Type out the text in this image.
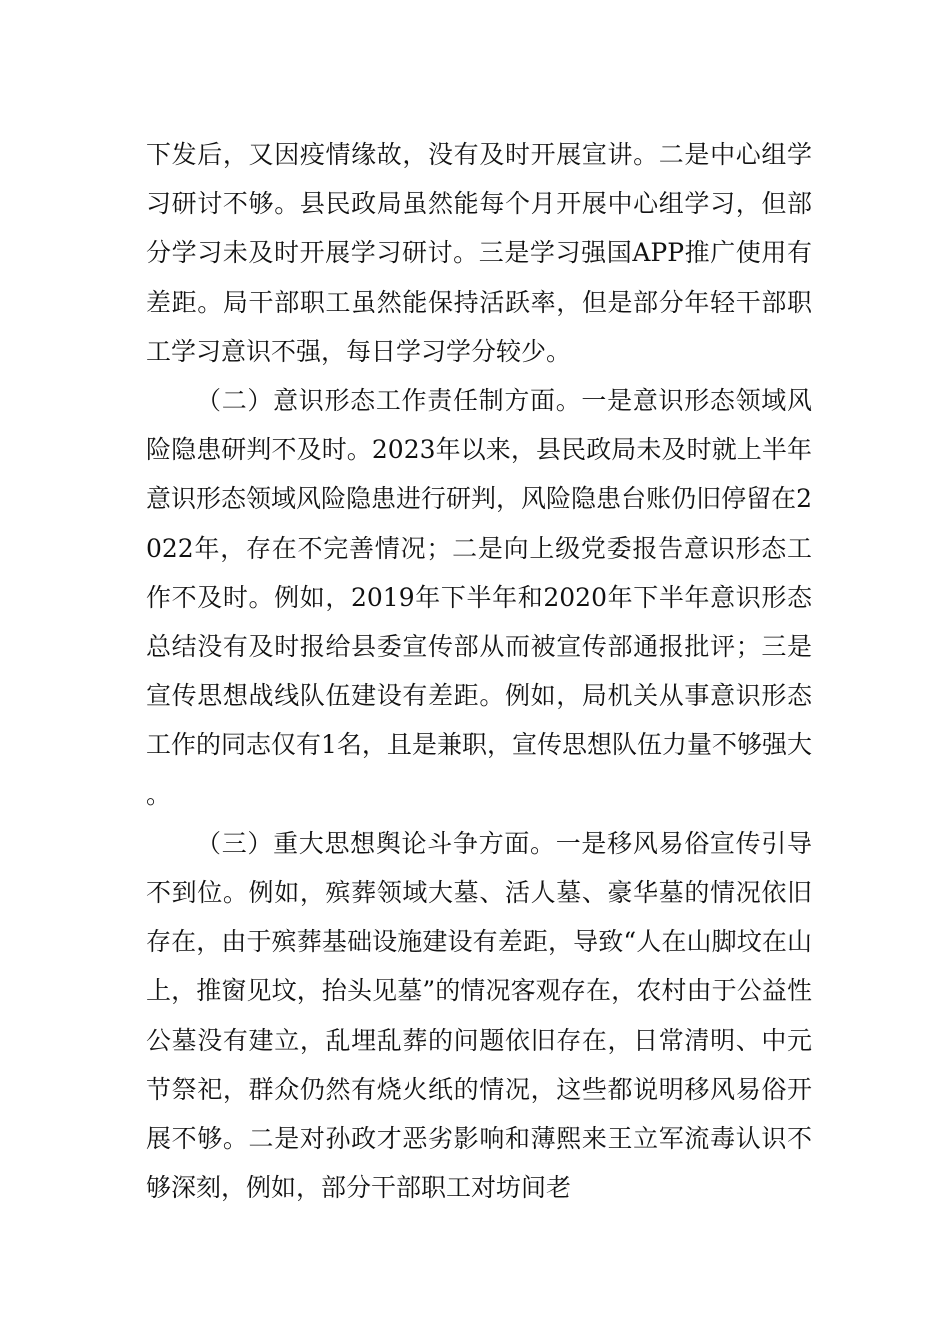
下发后，又因疫情缘故，没有及时开展宣讲。二是中心组学习研讨不够。县民政局虽然能每个月开展中心组学习，但部分学习未及时开展学习研讨。三是学习强国APP推广使用有差距。局干部职工虽然能保持活跃率，但是部分年轻干部职工学习意识不强，每日学习学分较少。

（二）意识形态工作责任制方面。一是意识形态领域风险隐患研判不及时。2023年以来，县民政局未及时就上半年意识形态领域风险隐患进行研判，风险隐患台账仍旧停留在2022年，存在不完善情况；二是向上级党委报告意识形态工作不及时。例如，2019年下半年和2020年下半年意识形态总结没有及时报给县委宣传部从而被宣传部通报批评；三是宣传思想战线队伍建设有差距。例如，局机关从事意识形态工作的同志仅有1名，且是兼职，宣传思想队伍力量不够强大。

（三）重大思想舆论斗争方面。一是移风易俗宣传引导不到位。例如，殡葬领域大墓、活人墓、豪华墓的情况依旧存在，由于殡葬基础设施建设有差距，导致“人在山脚坟在山上，推窗见坟，抬头见墓”的情况客观存在，农村由于公益性公墓没有建立，乱埋乱葬的问题依旧存在，日常清明、中元节祭祀，群众仍然有烧火纸的情况，这些都说明移风易俗开展不够。二是对孙政才恶劣影响和薄熙来王立军流毒认识不够深刻，例如，部分干部职工对坊间老
